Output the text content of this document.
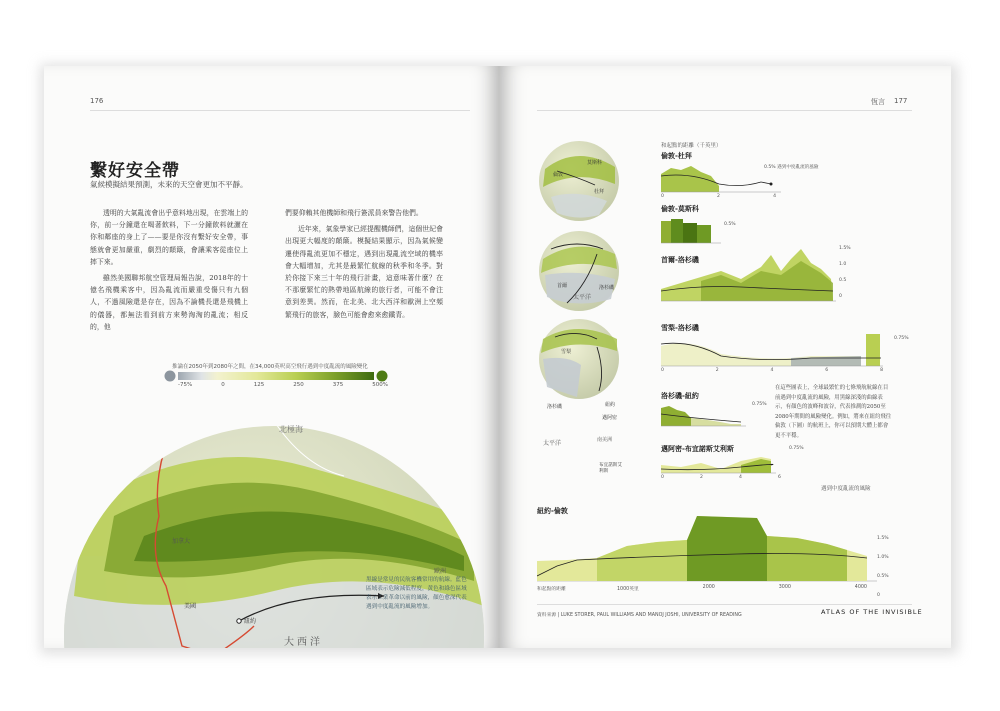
176
繫好安全帶
氣候模擬結果預測，未來的天空會更加不平靜。

透明的大氣亂流會出乎意料地出現，在雲端上的你，前一分鐘還在喝著飲料，下一分鐘飲料就灑在你和鄰座的身上了——要是你沒有繫好安全帶，事態就會更加嚴重，劇烈的顛簸，會讓乘客從座位上摔下來。

雖然美國聯邦航空管理局報告說，2018年的十億名飛機乘客中，因為亂流而嚴重受傷只有九個人，不過風險還是存在，因為不論機長還是飛機上的儀器，都無法看到前方來勢洶洶的亂流；相反的，他

們要仰賴其他機師和飛行簽派員來警告他們。

近年來，氣象學家已經提醒機師們，這個世紀會出現更大幅度的顛簸。模擬結果顯示，因為氣候變遷使得亂流更加不穩定，遇到出現亂流空域的機率會大幅增加，尤其是最繁忙航線的秋季和冬季。對於你接下來三十年的飛行計畫，這意味著什麼？在不那麼繁忙的熱帶地區航線的旅行者，可能不會注意到差異。然而，在北美、北大西洋和歐洲上空頻繁飛行的旅客，臉色可能會愈來愈鐵青。

推論在2050年到2080年之間，在34,000英呎高空飛行遇到中度亂流的風險變化
-75%	0	125	250	375	500%
北極海
加拿大
美國
紐約
大西洋
歐洲
黑線是常見的民航客機常用的航線。藍色區域表示危險減低程度，黃色和綠色區域表示工業革命以前的風險，顏色愈深代表遇到中度亂流的風險增加。
恆言 177
倫敦
杜拜
莫斯科
太平洋
首爾	洛杉磯
雪梨
洛杉磯	紐約
邁阿密
太平洋	南美洲
布宜諾斯艾利斯
和起點的距離（千英里）
倫敦-杜拜
0.5% 遇到中度亂流的風險
0	2	4
倫敦-莫斯科
0.5%
首爾-洛杉磯
1.5%
1.0
0.5
0
雪梨-洛杉磯
0.75%
0	2	4	6	8
洛杉磯-紐約
0.75%
邁阿密-布宜諾斯艾利斯	0.75%
0	2	4	6
在這些圖表上，全球最繁忙的七條飛航航線在目前遇到中度亂流的風險，用黑線深淺的曲線表示，有顏色的波峰和波谷，代表推測的2050至2080年期間的風險變化。例如，將來在紐約飛往倫敦（下圖）的航班上，你可以預期大體上都會更不平穩。
遇到中度亂流的風險
紐約-倫敦
1.5%
1.0%
0.5%
0
和起點的距離	1000英里	2000	3000	4000
資料來源 | LUKE STORER, PAUL WILLIAMS AND MANOJ JOSHI, UNIVERSITY OF READING	ATLAS OF THE INVISIBLE
